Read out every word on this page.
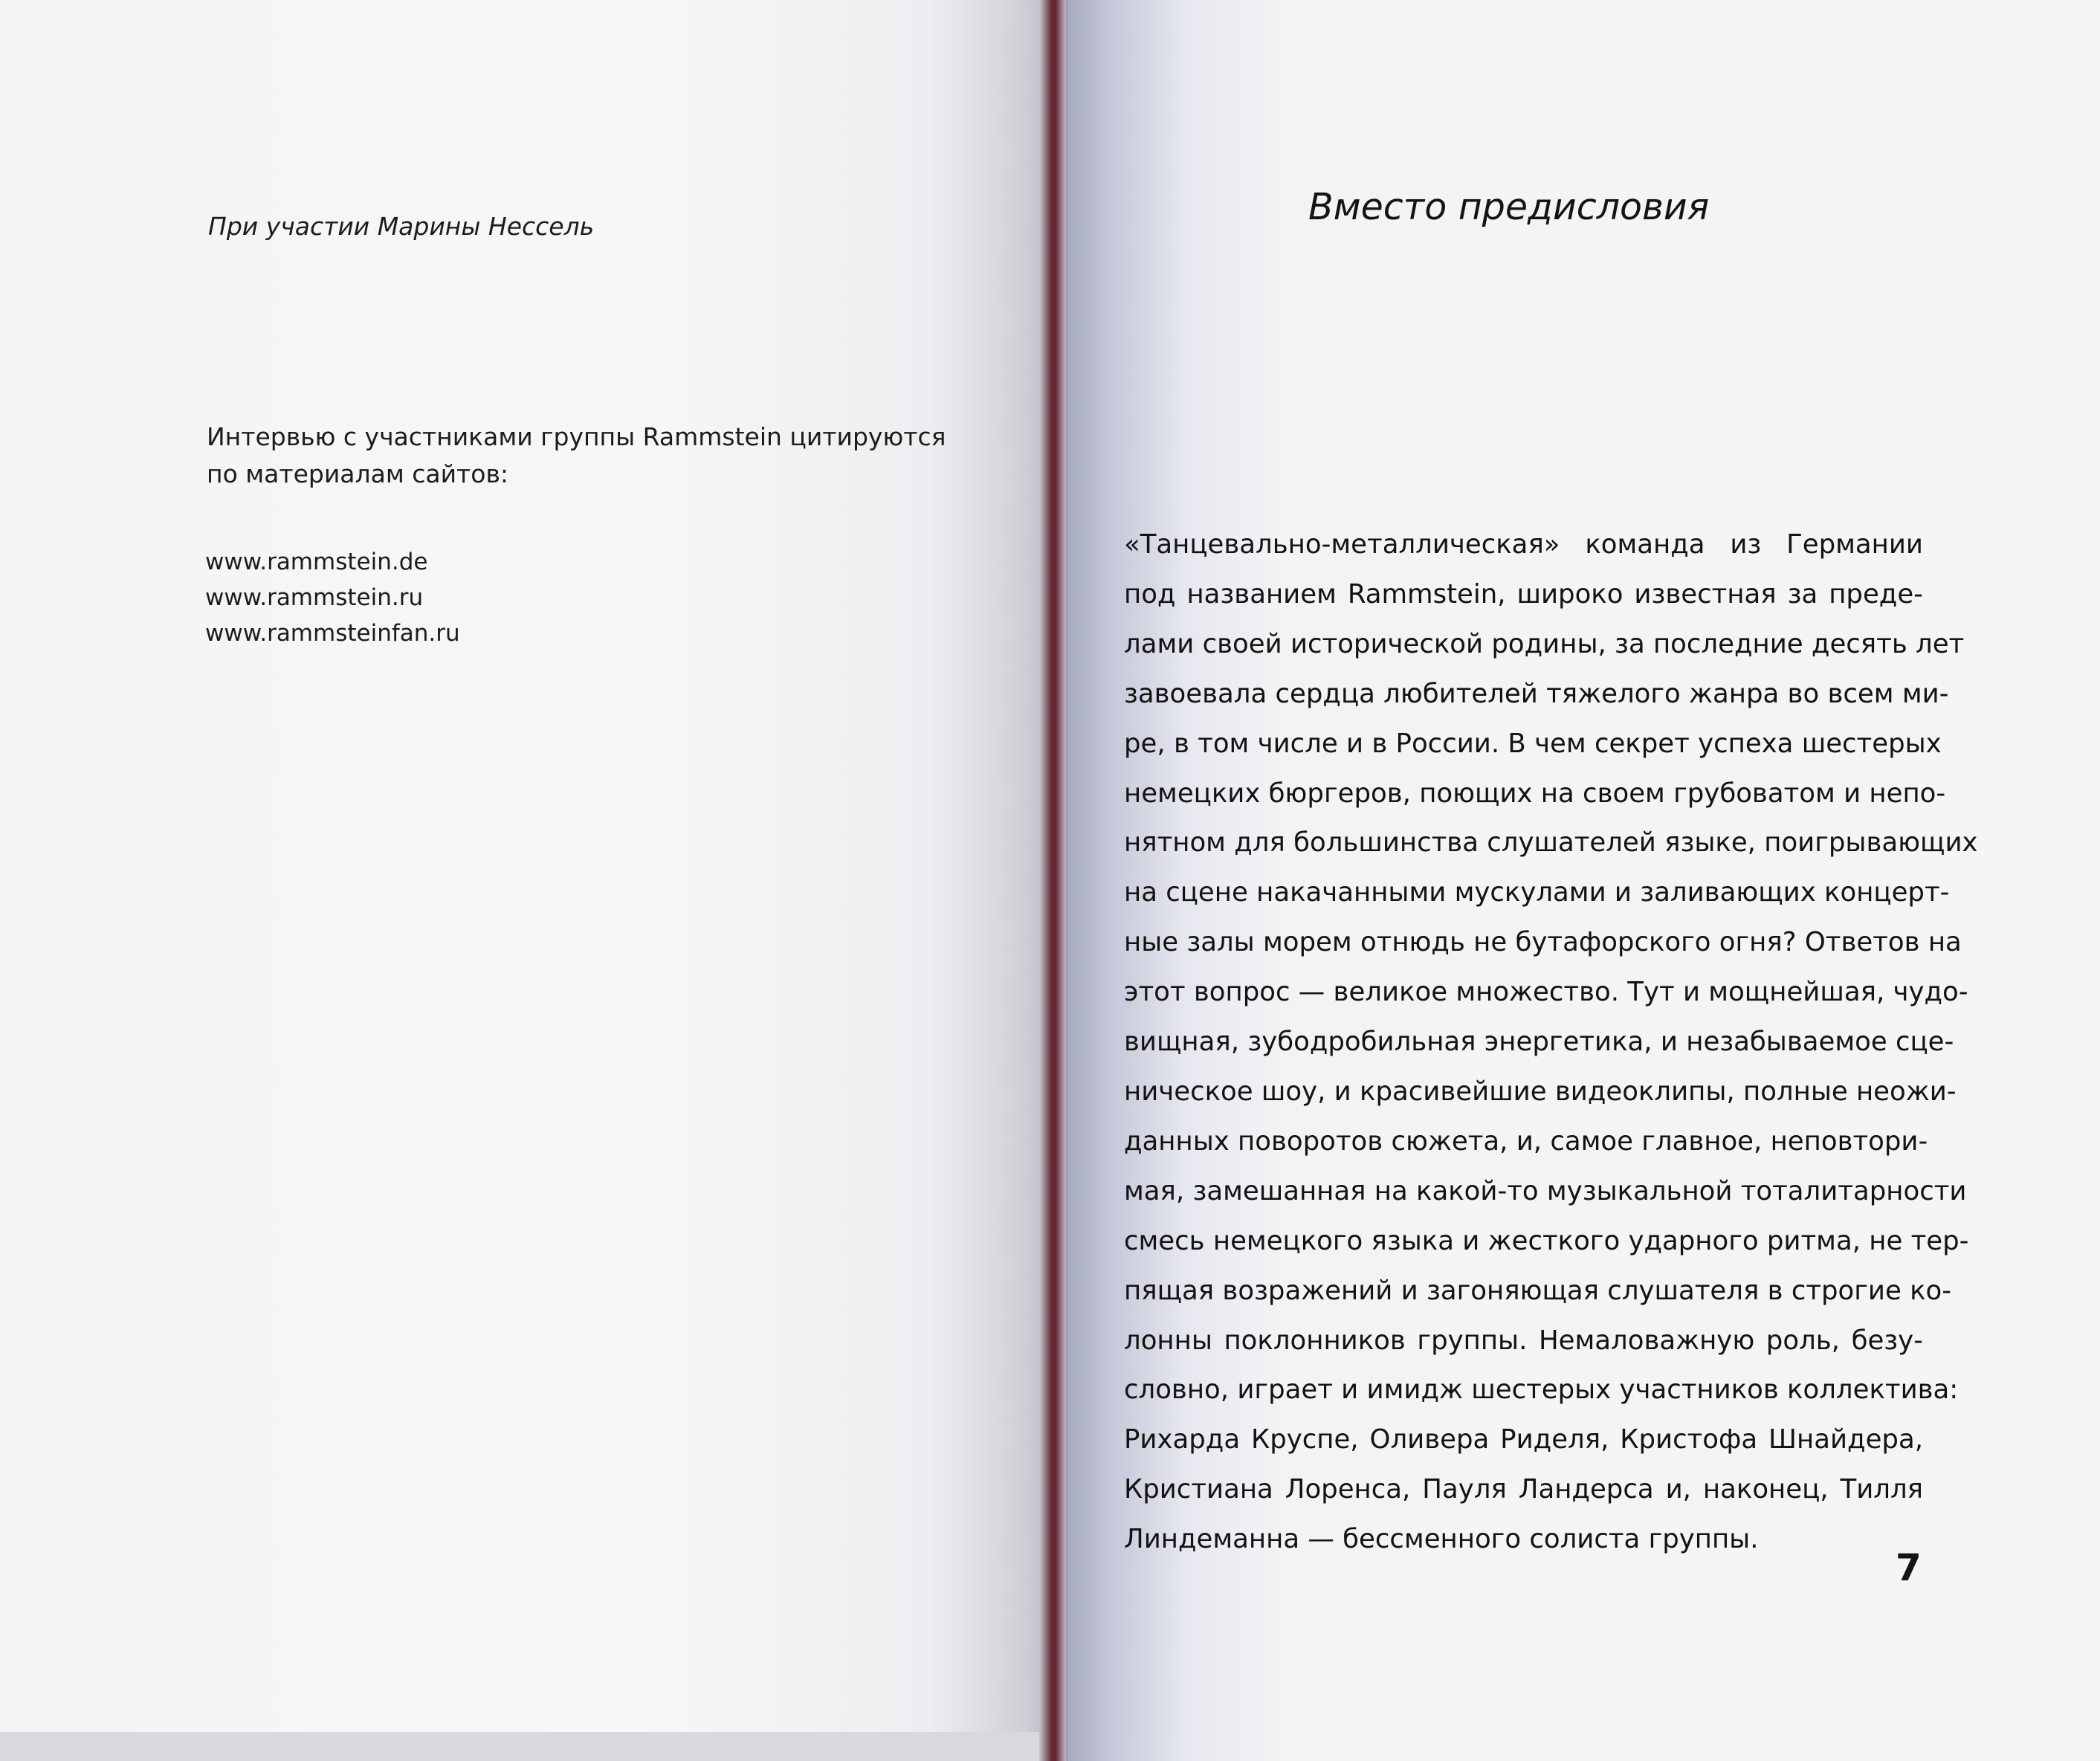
При участии Марины Нессель
Интервью с участниками группы Rammstein цитируются
по материалам сайтов:
www.rammstein.de
www.rammstein.ru
www.rammsteinfan.ru
Вместо предисловия
«Танцевально-металлическая» команда из Германии
под названием Rammstein, широко известная за преде-
лами своей исторической родины, за последние десять лет
завоевала сердца любителей тяжелого жанра во всем ми-
ре, в том числе и в России. В чем секрет успеха шестерых
немецких бюргеров, поющих на своем грубоватом и непо-
нятном для большинства слушателей языке, поигрывающих
на сцене накачанными мускулами и заливающих концерт-
ные залы морем отнюдь не бутафорского огня? Ответов на
этот вопрос — великое множество. Тут и мощнейшая, чудо-
вищная, зубодробильная энергетика, и незабываемое сце-
ническое шоу, и красивейшие видеоклипы, полные неожи-
данных поворотов сюжета, и, самое главное, неповтори-
мая, замешанная на какой-то музыкальной тоталитарности
смесь немецкого языка и жесткого ударного ритма, не тер-
пящая возражений и загоняющая слушателя в строгие ко-
лонны поклонников группы. Немаловажную роль, безу-
словно, играет и имидж шестерых участников коллектива:
Рихарда Круспе, Оливера Риделя, Кристофа Шнайдера,
Кристиана Лоренса, Пауля Ландерса и, наконец, Тилля
Линдеманна — бессменного солиста группы.
7
